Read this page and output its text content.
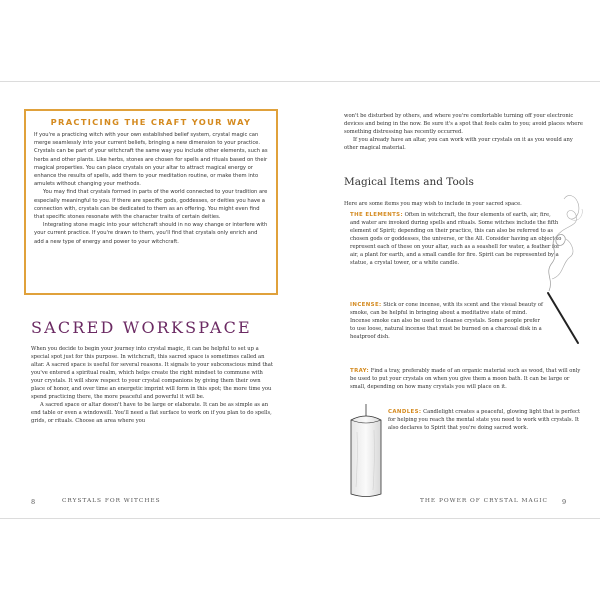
PRACTICING THE CRAFT YOUR WAY

If you're a practicing witch with your own established belief system, crystal magic can merge seamlessly into your current beliefs, bringing a new dimension to your practice. Crystals can be part of your witchcraft the same way you include other elements, such as herbs and other plants. Like herbs, stones are chosen for spells and rituals based on their magical properties. You can place crystals on your altar to attract magical energy or enhance the results of spells, add them to your meditation routine, or make them into amulets without changing your methods.

You may find that crystals formed in parts of the world connected to your tradition are especially meaningful to you. If there are specific gods, goddesses, or deities you have a connection with, crystals can be dedicated to them as an offering. You might even find that specific stones resonate with the character traits of certain deities.

Integrating stone magic into your witchcraft should in no way change or interfere with your current practice. If you're drawn to them, you'll find that crystals only enrich and add a new type of energy and power to your witchcraft.

SACRED WORKSPACE

When you decide to begin your journey into crystal magic, it can be helpful to set up a special spot just for this purpose. In witchcraft, this sacred space is sometimes called an altar. A sacred space is useful for several reasons. It signals to your subconscious mind that you've entered a spiritual realm, which helps create the right mindset to commune with your crystals. It will show respect to your crystal companions by giving them their own place of honor, and over time an energetic imprint will form in this spot; the more time you spend practicing there, the more peaceful and powerful it will be.

A sacred space or altar doesn't have to be large or elaborate. It can be as simple as an end table or even a windowsill. You'll need a flat surface to work on if you plan to do spells, grids, or rituals. Choose an area where you

8	CRYSTALS FOR WITCHES

won't be disturbed by others, and where you're comfortable turning off your electronic devices and being in the now. Be sure it's a spot that feels calm to you; avoid places where something distressing has recently occurred.

If you already have an altar, you can work with your crystals on it as you would any other magical material.

Magical Items and Tools

Here are some items you may wish to include in your sacred space.

THE ELEMENTS: Often in witchcraft, the four elements of earth, air, fire, and water are invoked during spells and rituals. Some witches include the fifth element of Spirit; depending on their practice, this can also be referred to as chosen gods or goddesses, the universe, or the All. Consider having an object to represent each of these on your altar, such as a seashell for water, a feather for air, a plant for earth, and a small candle for fire. Spirit can be represented by a statue, a crystal tower, or a white candle.

INCENSE: Stick or cone incense, with its scent and the visual beauty of smoke, can be helpful in bringing about a meditative state of mind. Incense smoke can also be used to cleanse crystals. Some people prefer to use loose, natural incense that must be burned on a charcoal disk in a heatproof dish.

TRAY: Find a tray, preferably made of an organic material such as wood, that will only be used to put your crystals on when you give them a moon bath. It can be large or small, depending on how many crystals you will place on it.

CANDLES: Candlelight creates a peaceful, glowing light that is perfect for helping you reach the mental state you need to work with crystals. It also declares to Spirit that you're doing sacred work.

THE POWER OF CRYSTAL MAGIC 9
